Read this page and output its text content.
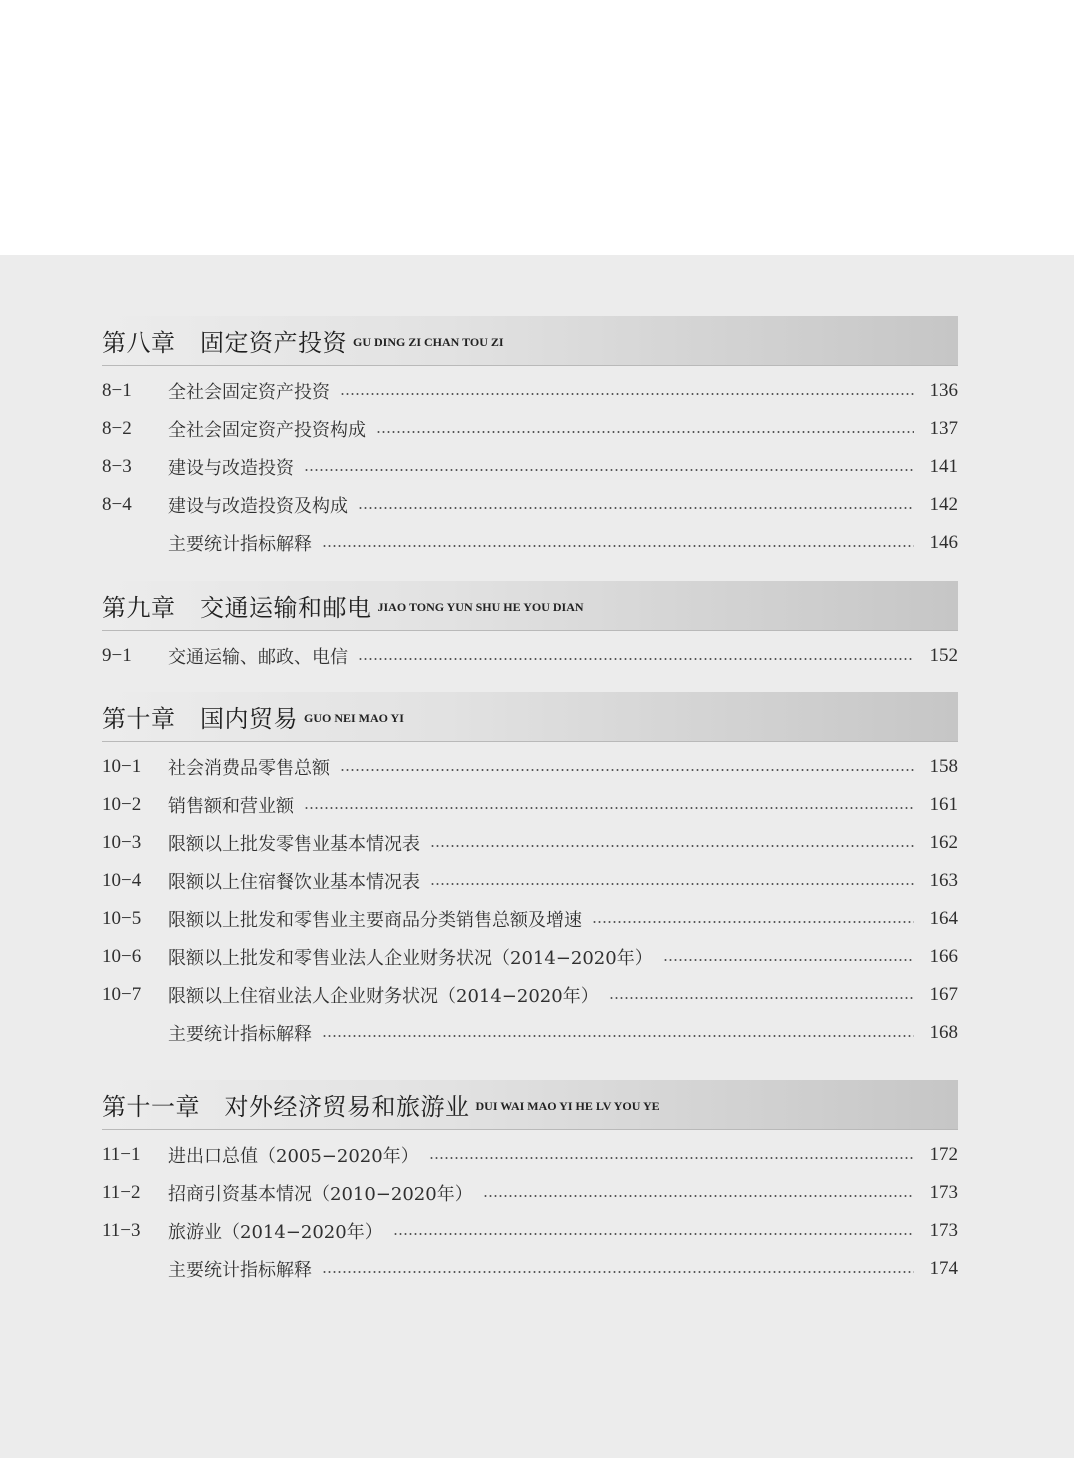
第八章　固定资产投资 GU DING ZI CHAN TOU ZI
8−1	全社会固定资产投资	136
8−2	全社会固定资产投资构成	137
8−3	建设与改造投资	141
8−4	建设与改造投资及构成	142
主要统计指标解释	146
第九章　交通运输和邮电 JIAO TONG YUN SHU HE YOU DIAN
9−1	交通运输、邮政、电信	152
第十章　国内贸易 GUO NEI MAO YI
10−1	社会消费品零售总额	158
10−2	销售额和营业额	161
10−3	限额以上批发零售业基本情况表	162
10−4	限额以上住宿餐饮业基本情况表	163
10−5	限额以上批发和零售业主要商品分类销售总额及增速	164
10−6	限额以上批发和零售业法人企业财务状况（2014−2020年）	166
10−7	限额以上住宿业法人企业财务状况（2014−2020年）	167
主要统计指标解释	168
第十一章　对外经济贸易和旅游业 DUI WAI MAO YI HE LV YOU YE
11−1	进出口总值（2005−2020年）	172
11−2	招商引资基本情况（2010−2020年）	173
11−3	旅游业（2014−2020年）	173
主要统计指标解释	174
